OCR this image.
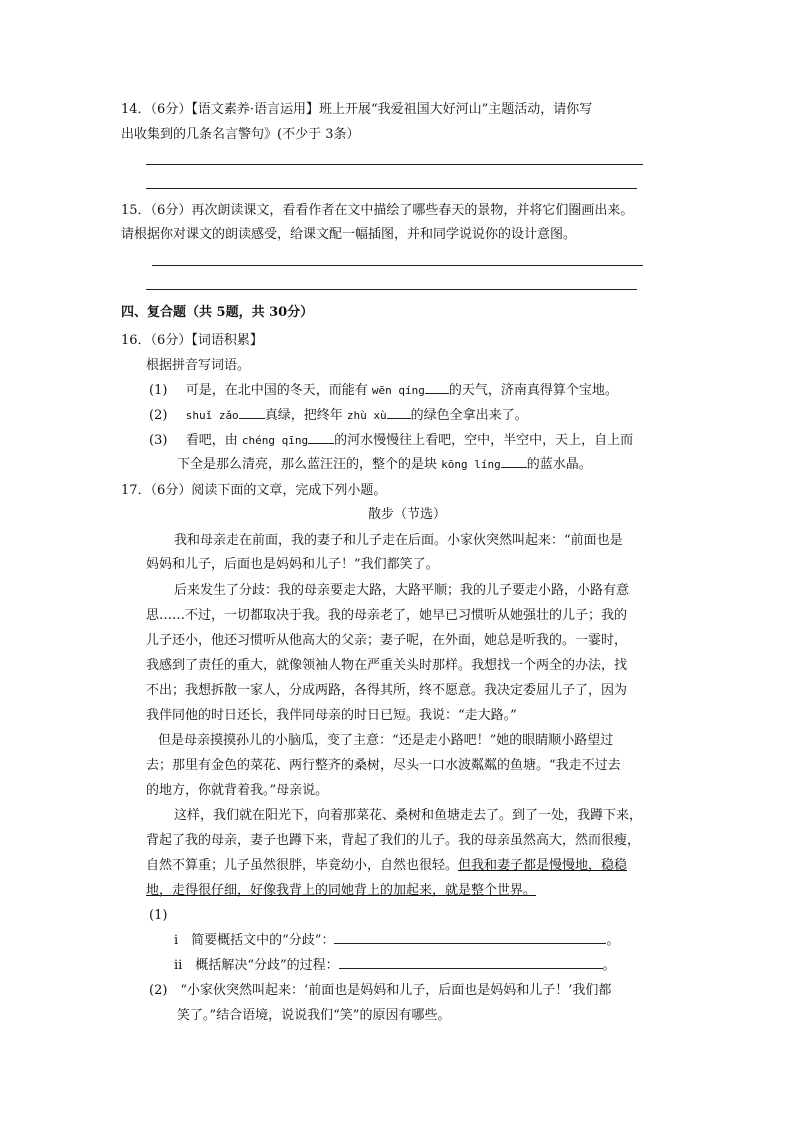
14．（6分）【语文素养·语言运用】班上开展“我爱祖国大好河山”主题活动，请你写
出收集到的几条名言警句》(不少于 3条）
15．（6分）再次朗读课文，看看作者在文中描绘了哪些春天的景物，并将它们圈画出来。
请根据你对课文的朗读感受，给课文配一幅插图，并和同学说说你的设计意图。
四、复合题（共 5题，共 30分）
16．（6分）【词语积累】
根据拼音写词语。
(1) 可是，在北中国的冬天，而能有 wēn qíng 的天气，济南真得算个宝地。
(2) shuǐ zǎo 真绿，把终年 zhù xù 的绿色全拿出来了。
(3) 看吧，由 chéng qīng 的河水慢慢往上看吧，空中，半空中，天上，自上而
下全是那么清亮，那么蓝汪汪的，整个的是块 kōng líng 的蓝水晶。
17．（6分）阅读下面的文章，完成下列小题。
散步（节选）
我和母亲走在前面，我的妻子和儿子走在后面。小家伙突然叫起来：“前面也是
妈妈和儿子，后面也是妈妈和儿子！”我们都笑了。
后来发生了分歧：我的母亲要走大路，大路平顺；我的儿子要走小路，小路有意
思……不过，一切都取决于我。我的母亲老了，她早已习惯听从她强壮的儿子；我的
儿子还小，他还习惯听从他高大的父亲；妻子呢，在外面，她总是听我的。一霎时，
我感到了责任的重大，就像领袖人物在严重关头时那样。我想找一个两全的办法，找
不出；我想拆散一家人，分成两路，各得其所，终不愿意。我决定委屈儿子了，因为
我伴同他的时日还长，我伴同母亲的时日已短。我说：“走大路。”
但是母亲摸摸孙儿的小脑瓜，变了主意：“还是走小路吧！”她的眼睛顺小路望过
去；那里有金色的菜花、两行整齐的桑树，尽头一口水波粼粼的鱼塘。“我走不过去
的地方，你就背着我。”母亲说。
这样，我们就在阳光下，向着那菜花、桑树和鱼塘走去了。到了一处，我蹲下来，
背起了我的母亲，妻子也蹲下来，背起了我们的儿子。我的母亲虽然高大，然而很瘦，
自然不算重；儿子虽然很胖，毕竟幼小，自然也很轻。但我和妻子都是慢慢地，稳稳
地，走得很仔细，好像我背上的同她背上的加起来，就是整个世界。
(1)
i　简要概括文中的“分歧”：	。
ii　概括解决“分歧”的过程：	。
(2)　“小家伙突然叫起来：‘前面也是妈妈和儿子，后面也是妈妈和儿子！’我们都
笑了。”结合语境，说说我们“笑”的原因有哪些。
